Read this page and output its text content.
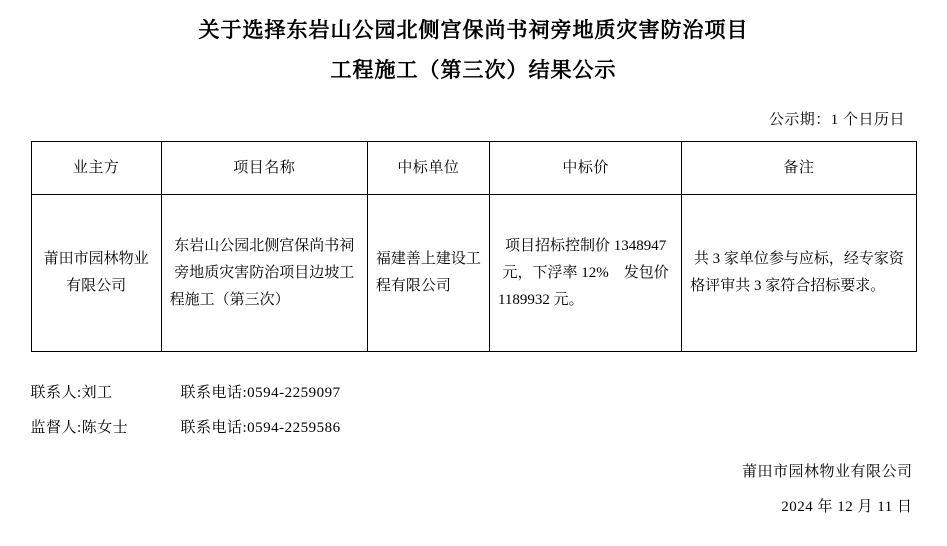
关于选择东岩山公园北侧宫保尚书祠旁地质灾害防治项目
工程施工（第三次）结果公示
公示期：1 个日历日
业主方	项目名称	中标单位	中标价	备注
莆田市园林物业有限公司	东岩山公园北侧宫保尚书祠旁地质灾害防治项目边坡工程施工（第三次）	福建善上建设工程有限公司	项目招标控制价 1348947 元，下浮率 12%　发包价 1189932 元。	共 3 家单位参与应标，经专家资格评审共 3 家符合招标要求。
联系人:刘工	联系电话:0594-2259097
监督人:陈女士	联系电话:0594-2259586
莆田市园林物业有限公司
2024 年 12 月 11 日
